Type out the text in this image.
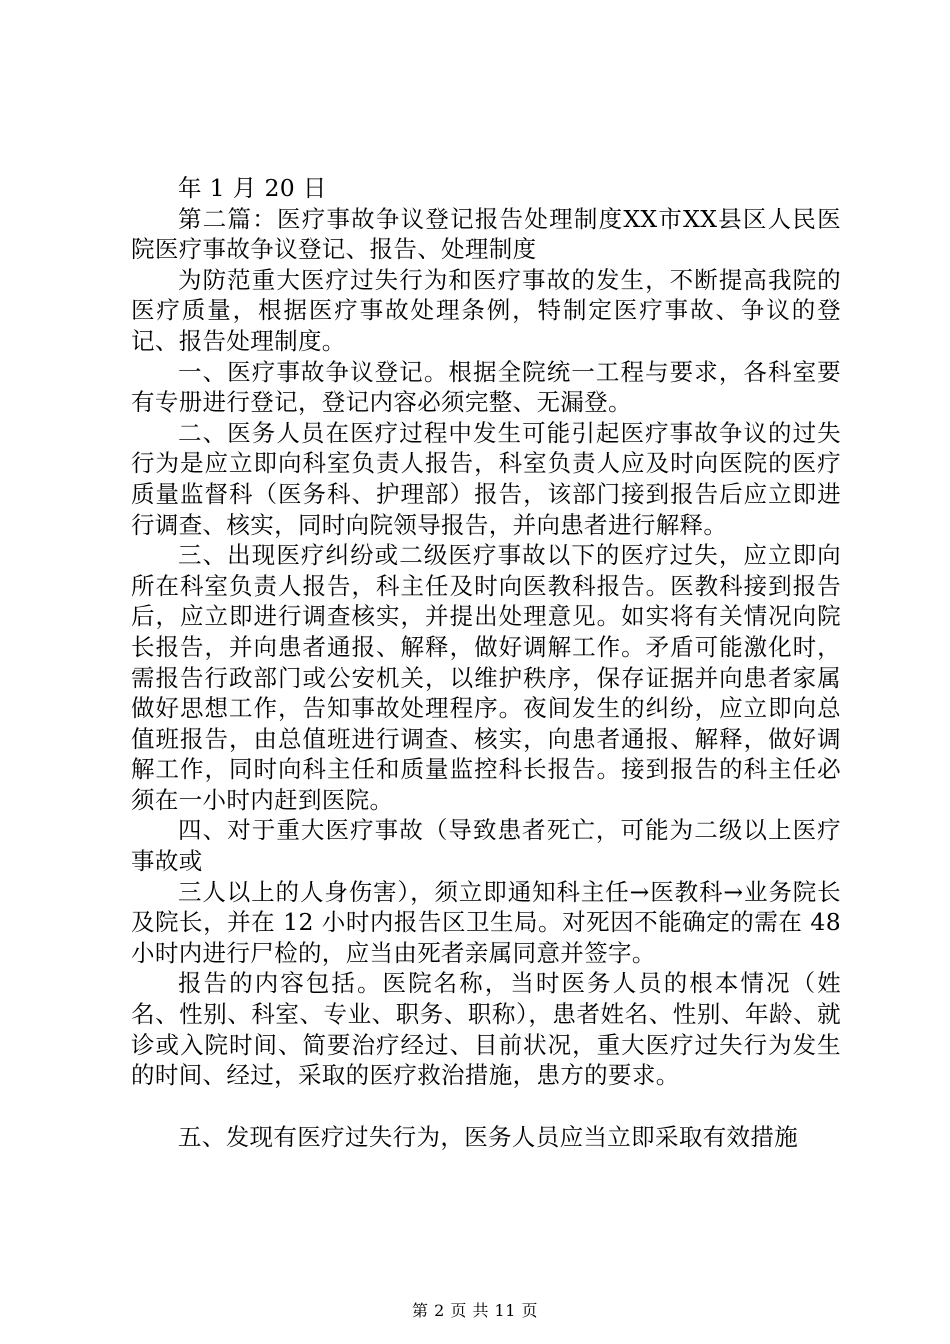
年 1 月 20 日

第二篇：医疗事故争议登记报告处理制度XX市XX县区人民医院医疗事故争议登记、报告、处理制度

为防范重大医疗过失行为和医疗事故的发生，不断提高我院的医疗质量，根据医疗事故处理条例，特制定医疗事故、争议的登记、报告处理制度。

一、医疗事故争议登记。根据全院统一工程与要求，各科室要有专册进行登记，登记内容必须完整、无漏登。

二、医务人员在医疗过程中发生可能引起医疗事故争议的过失行为是应立即向科室负责人报告，科室负责人应及时向医院的医疗质量监督科（医务科、护理部）报告，该部门接到报告后应立即进行调查、核实，同时向院领导报告，并向患者进行解释。

三、出现医疗纠纷或二级医疗事故以下的医疗过失，应立即向所在科室负责人报告，科主任及时向医教科报告。医教科接到报告后，应立即进行调查核实，并提出处理意见。如实将有关情况向院长报告，并向患者通报、解释，做好调解工作。矛盾可能激化时，需报告行政部门或公安机关，以维护秩序，保存证据并向患者家属做好思想工作，告知事故处理程序。夜间发生的纠纷，应立即向总值班报告，由总值班进行调查、核实，向患者通报、解释，做好调解工作，同时向科主任和质量监控科长报告。接到报告的科主任必须在一小时内赶到医院。

四、对于重大医疗事故（导致患者死亡，可能为二级以上医疗事故或

三人以上的人身伤害），须立即通知科主任→医教科→业务院长及院长，并在 12 小时内报告区卫生局。对死因不能确定的需在 48 小时内进行尸检的，应当由死者亲属同意并签字。

报告的内容包括。医院名称，当时医务人员的根本情况（姓名、性别、科室、专业、职务、职称），患者姓名、性别、年龄、就诊或入院时间、简要治疗经过、目前状况，重大医疗过失行为发生的时间、经过，采取的医疗救治措施，患方的要求。

五、发现有医疗过失行为，医务人员应当立即采取有效措施

第 2 页 共 11 页
